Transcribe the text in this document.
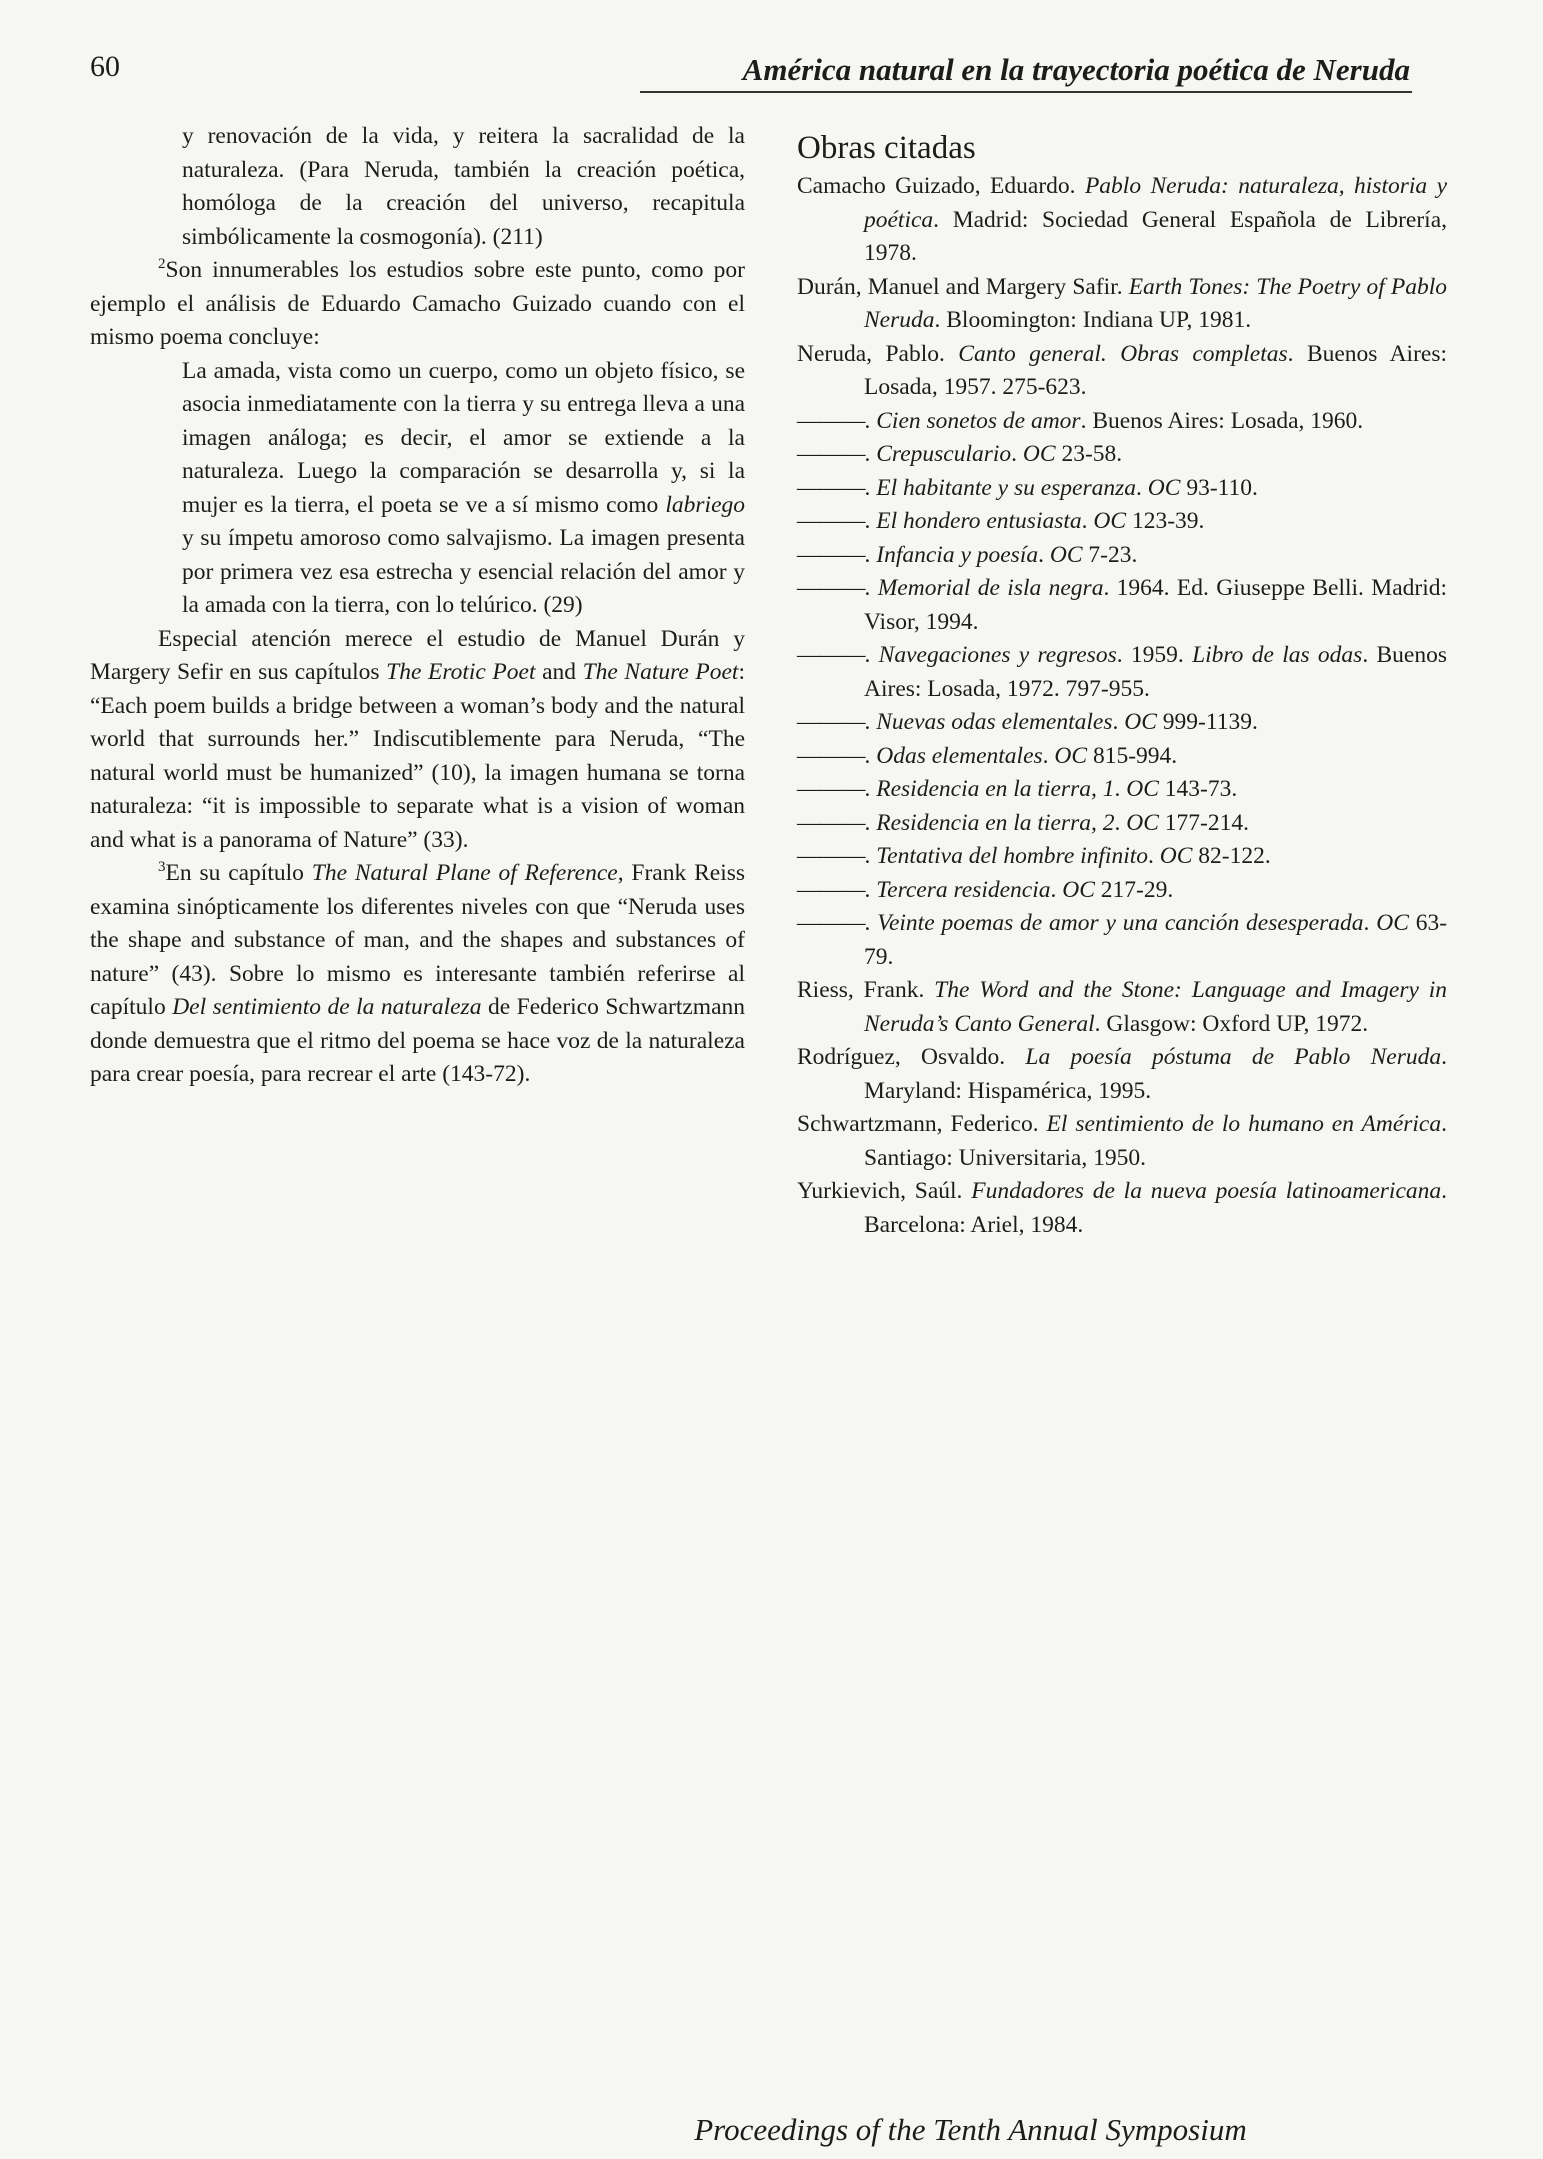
60	América natural en la trayectoria poética de Neruda

y renovación de la vida, y reitera la sacralidad de la naturaleza. (Para Neruda, también la creación poética, homóloga de la creación del universo, recapitula simbólicamente la cosmogonía). (211)

$^2$Son innumerables los estudios sobre este punto, como por ejemplo el análisis de Eduardo Camacho Guizado cuando con el mismo poema concluye:

La amada, vista como un cuerpo, como un objeto físico, se asocia inmediatamente con la tierra y su entrega lleva a una imagen análoga; es decir, el amor se extiende a la naturaleza. Luego la comparación se desarrolla y, si la mujer es la tierra, el poeta se ve a sí mismo como labriego y su ímpetu amoroso como salvajismo. La imagen presenta por primera vez esa estrecha y esencial relación del amor y la amada con la tierra, con lo telúrico. (29)

Especial atención merece el estudio de Manuel Durán y Margery Sefir en sus capítulos The Erotic Poet and The Nature Poet: “Each poem builds a bridge between a woman’s body and the natural world that surrounds her.” Indiscutiblemente para Neruda, “The natural world must be humanized” (10), la imagen humana se torna naturaleza: “it is impossible to separate what is a vision of woman and what is a panorama of Nature” (33).

$^3$En su capítulo The Natural Plane of Reference, Frank Reiss examina sinópticamente los diferentes niveles con que “Neruda uses the shape and substance of man, and the shapes and substances of nature” (43). Sobre lo mismo es interesante también referirse al capítulo Del sentimiento de la naturaleza de Federico Schwartzmann donde demuestra que el ritmo del poema se hace voz de la naturaleza para crear poesía, para recrear el arte (143-72).

Obras citadas

Camacho Guizado, Eduardo. Pablo Neruda: naturaleza, historia y poética. Madrid: Sociedad General Española de Librería, 1978.

Durán, Manuel and Margery Safir. Earth Tones: The Poetry of Pablo Neruda. Bloomington: Indiana UP, 1981.

Neruda, Pablo. Canto general. Obras completas. Buenos Aires: Losada, 1957. 275-623.

———. Cien sonetos de amor. Buenos Aires: Losada, 1960.

———. Crepusculario. OC 23-58.

———. El habitante y su esperanza. OC 93-110.

———. El hondero entusiasta. OC 123-39.

———. Infancia y poesía. OC 7-23.

———. Memorial de isla negra. 1964. Ed. Giuseppe Belli. Madrid: Visor, 1994.

———. Navegaciones y regresos. 1959. Libro de las odas. Buenos Aires: Losada, 1972. 797-955.

———. Nuevas odas elementales. OC 999-1139.

———. Odas elementales. OC 815-994.

———. Residencia en la tierra, 1. OC 143-73.

———. Residencia en la tierra, 2. OC 177-214.

———. Tentativa del hombre infinito. OC 82-122.

———. Tercera residencia. OC 217-29.

———. Veinte poemas de amor y una canción desesperada. OC 63-79.

Riess, Frank. The Word and the Stone: Language and Imagery in Neruda’s Canto General. Glasgow: Oxford UP, 1972.

Rodríguez, Osvaldo. La poesía póstuma de Pablo Neruda. Maryland: Hispamérica, 1995.

Schwartzmann, Federico. El sentimiento de lo humano en América. Santiago: Universitaria, 1950.

Yurkievich, Saúl. Fundadores de la nueva poesía latinoamericana. Barcelona: Ariel, 1984.

Proceedings of the Tenth Annual Symposium
